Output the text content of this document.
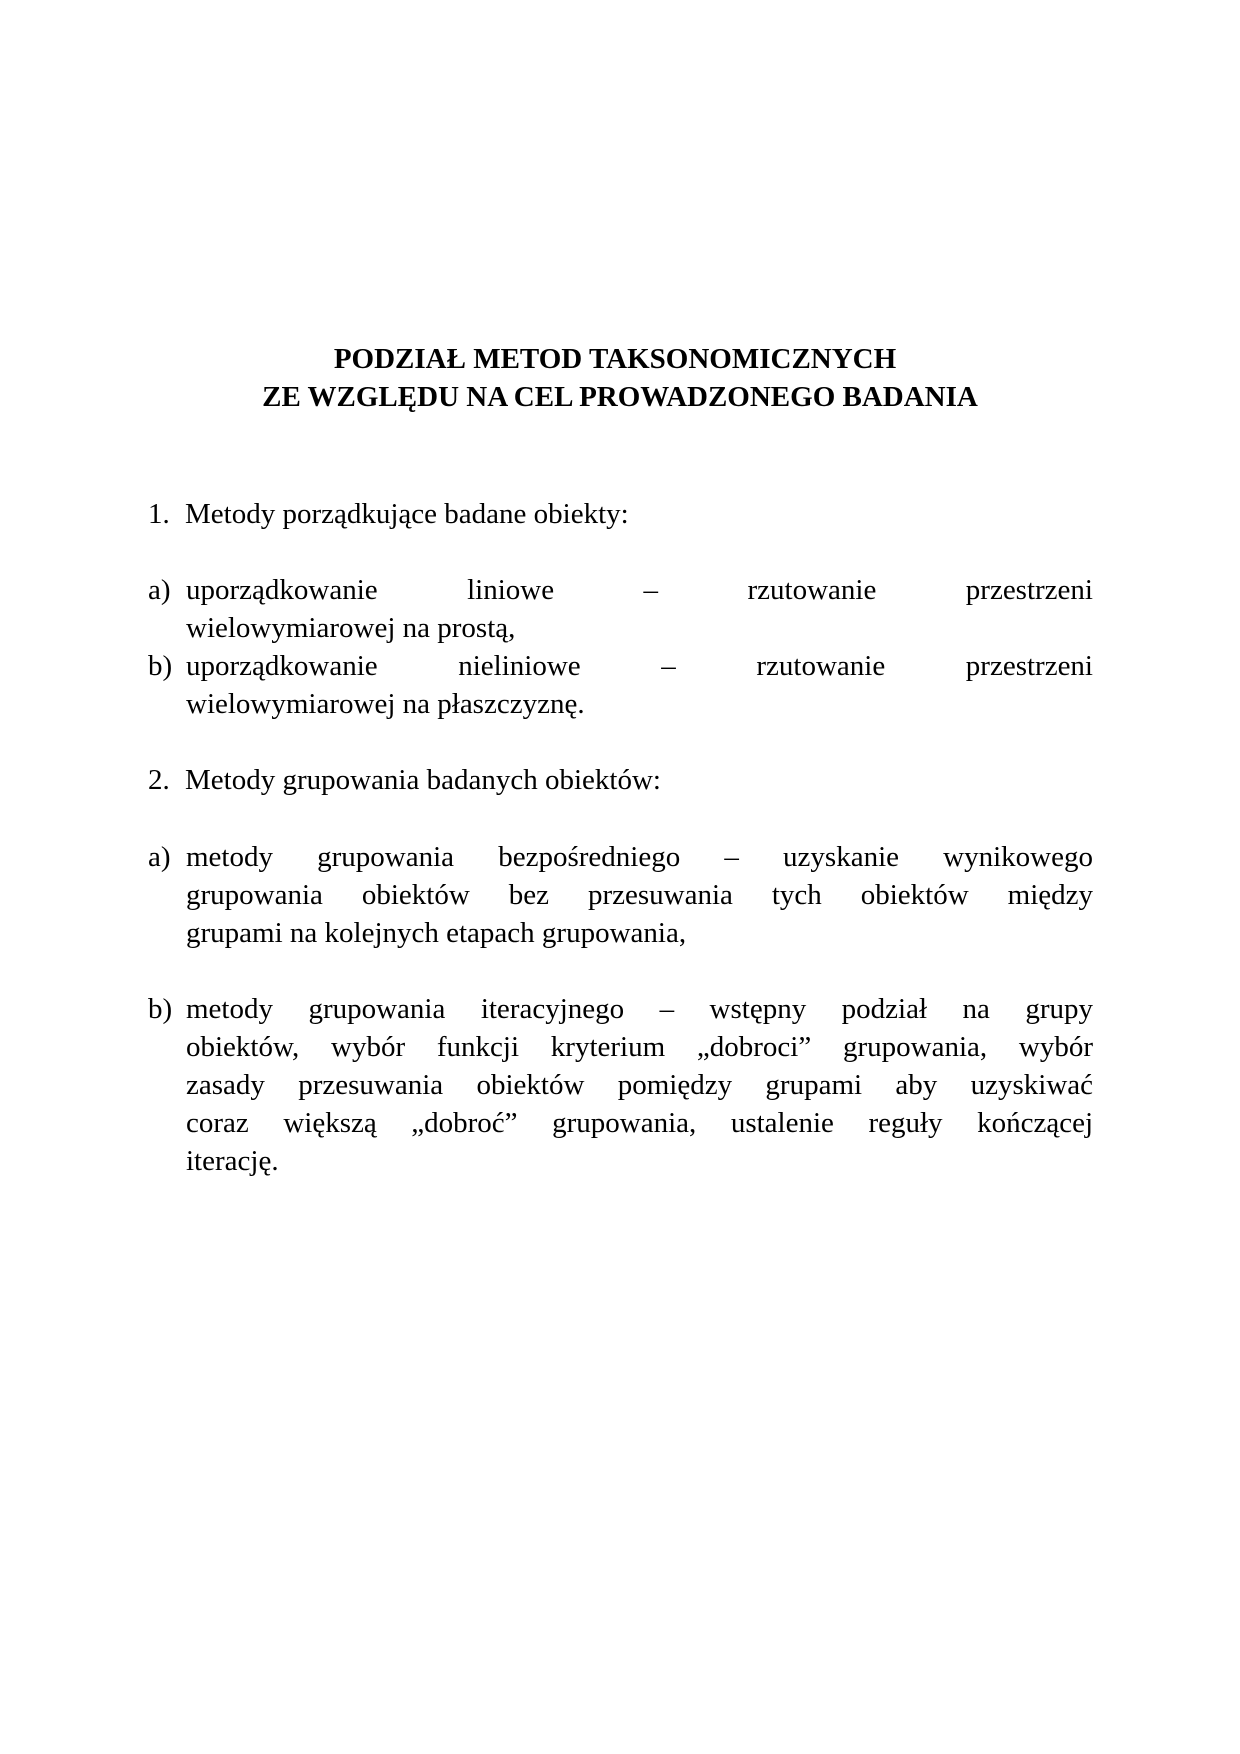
PODZIAŁ METOD TAKSONOMICZNYCH
ZE WZGLĘDU NA CEL PROWADZONEGO BADANIA
1. Metody porządkujące badane obiekty:
a) uporządkowanie liniowe – rzutowanie przestrzeni
wielowymiarowej na prostą,
b) uporządkowanie nieliniowe – rzutowanie przestrzeni
wielowymiarowej na płaszczyznę.
2. Metody grupowania badanych obiektów:
a) metody grupowania bezpośredniego – uzyskanie wynikowego
grupowania obiektów bez przesuwania tych obiektów między
grupami na kolejnych etapach grupowania,
b) metody grupowania iteracyjnego – wstępny podział na grupy
obiektów, wybór funkcji kryterium „dobroci” grupowania, wybór
zasady przesuwania obiektów pomiędzy grupami aby uzyskiwać
coraz większą „dobroć” grupowania, ustalenie reguły kończącej
iterację.
